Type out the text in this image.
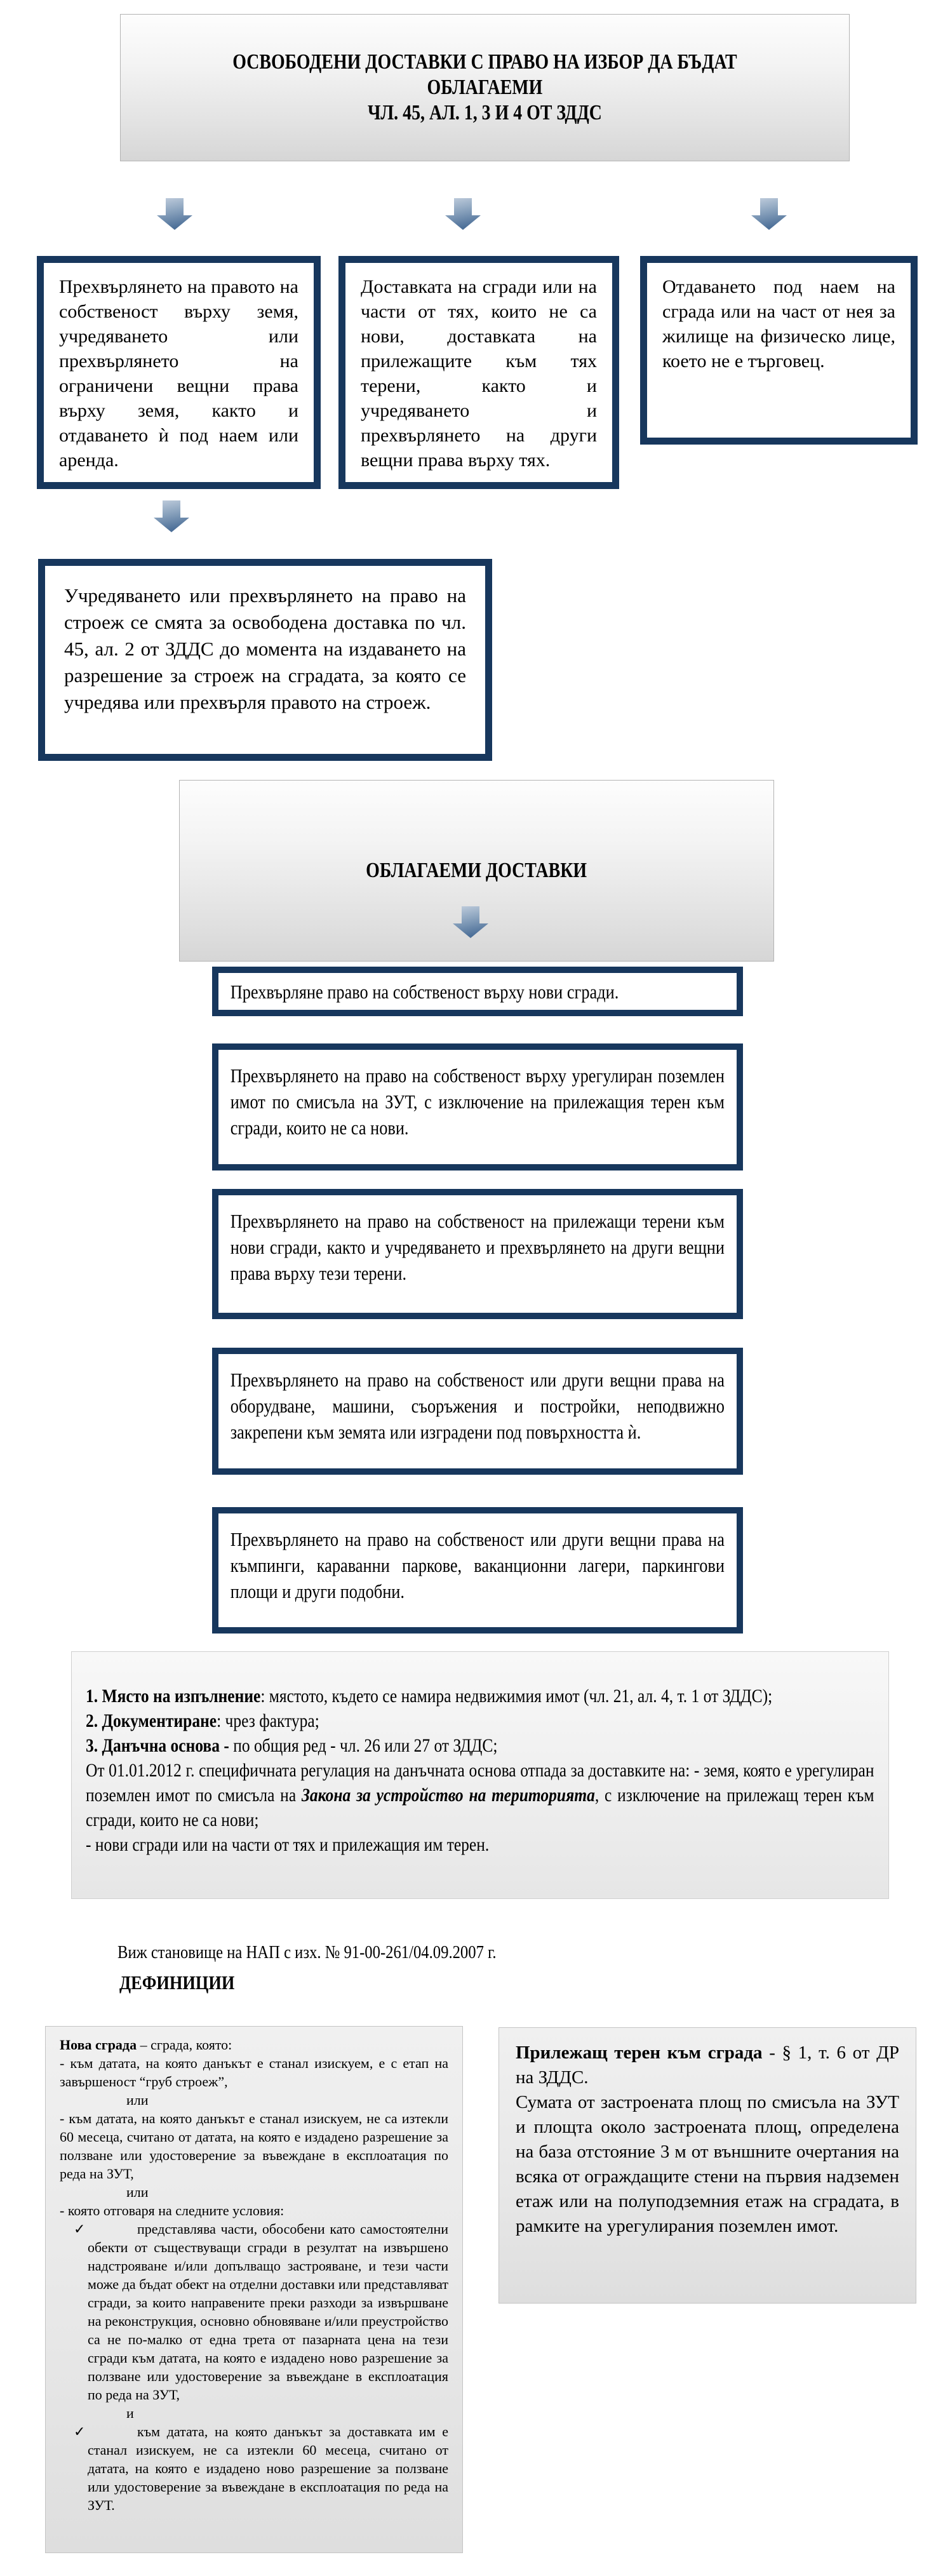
ОСВОБОДЕНИ ДОСТАВКИ С ПРАВО НА ИЗБОР ДА БЪДАТ
ОБЛАГАЕМИ
ЧЛ. 45, АЛ. 1, 3 И 4 ОТ ЗДДС
Прехвърлянето на правото на собственост върху земя, учредяването или прехвърлянето на ограничени вещни права върху земя, както и отдаването ѝ под наем или аренда.
Доставката на сгради или на части от тях, които не са нови, доставката на прилежащите към тях терени, както и учредяването и прехвърлянето на други вещни права върху тях.
Отдаването под наем на сграда или на част от нея за жилище на физическо лице, което не е търговец.
Учредяването или прехвърлянето на право на строеж се смята за освободена доставка по чл. 45, ал. 2 от ЗДДС до момента на издаването на разрешение за строеж на сградата, за която се учредява или прехвърля правото на строеж.
ОБЛАГАЕМИ ДОСТАВКИ
Прехвърляне право на собственост върху нови сгради.
Прехвърлянето на право на собственост върху урегулиран поземлен имот по смисъла на ЗУТ, с изключение на прилежащия терен към сгради, които не са нови.
Прехвърлянето на право на собственост на прилежащи терени към нови сгради, както и учредяването и прехвърлянето на други вещни права върху тези терени.
Прехвърлянето на право на собственост или други вещни права на оборудване, машини, съоръжения и постройки, неподвижно закрепени към земята или изградени под повърхността ѝ.
Прехвърлянето на право на собственост или други вещни права на къмпинги, караванни паркове, ваканционни лагери, паркингови площи и други подобни.
1. Място на изпълнение: мястото, където се намира недвижимия имот (чл. 21, ал. 4, т. 1 от ЗДДС);
2. Документиране: чрез фактура;
3. Данъчна основа - по общия ред - чл. 26 или 27 от ЗДДС;
От 01.01.2012 г. специфичната регулация на данъчната основа отпада за доставките на: - земя, която е урегулиран поземлен имот по смисъла на Закона за устройство на територията, с изключение на прилежащ терен към сгради, които не са нови;
- нови сгради или на части от тях и прилежащия им терен.
Виж становище на НАП с изх. № 91-00-261/04.09.2007 г.
ДЕФИНИЦИИ

Нова сграда – сграда, която:

- към датата, на която данъкът е станал изискуем, е с етап на завършеност “груб строеж”,

или

- към датата, на която данъкът е станал изискуем, не са изтекли 60 месеца, считано от датата, на която е издадено разрешение за ползване или удостоверение за въвеждане в експлоатация по реда на ЗУТ,

или

- която отговаря на следните условия:

✓	представлява части, обособени като самостоятелни обекти от съществуващи сгради в резултат на извършено надстрояване и/или допълващо застрояване, и тези части може да бъдат обект на отделни доставки или представляват сгради, за които направените преки разходи за извършване на реконструкция, основно обновяване и/или преустройство са не по-малко от една трета от пазарната цена на тези сгради към датата, на която е издадено ново разрешение за ползване или удостоверение за въвеждане в експлоатация по реда на ЗУТ,

и

✓	към датата, на която данъкът за доставката им е станал изискуем, не са изтекли 60 месеца, считано от датата, на която е издадено ново разрешение за ползване или удостоверение за въвеждане в експлоатация по реда на ЗУТ.

Прилежащ терен към сграда - § 1, т. 6 от ДР на ЗДДС.

Сумата от застроената площ по смисъла на ЗУТ и площта около застроената площ, определена на база отстояние 3 м от външните очертания на всяка от ограждащите стени на първия надземен етаж или на полуподземния етаж на сградата, в рамките на урегулирания поземлен имот.
